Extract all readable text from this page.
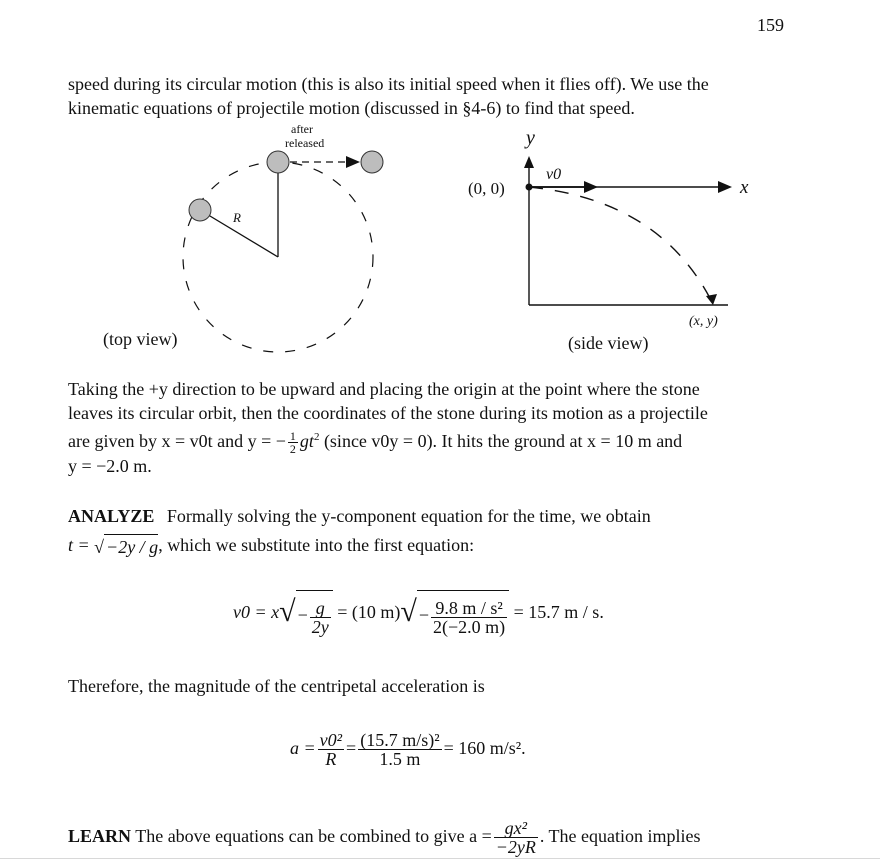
159
speed during its circular motion (this is also its initial speed when it flies off). We use the
kinematic equations of projectile motion (discussed in §4-6) to find that speed.
after
released
R
(top view)
y
x
v0
(0, 0)
(x, y)
(side view)
Taking the +y direction to be upward and placing the origin at the point where the stone
leaves its circular orbit, then the coordinates of the stone during its motion as a projectile
are given by x = v0t and y = − $\frac{1}{2} gt^2$ (since v0y = 0). It hits the ground at x = 10 m and
y = −2.0 m.
ANALYZE Formally solving the y-component equation for the time, we obtain
t = √ −2y / g, which we substitute into the first equation:
$v0 = x√ - \frac{g}{2y} = (10$ $m)√ - \frac{\text{9.8 m / s²}}{2(-2.0 m)} = 15.7$ m / s.
Therefore, the magnitude of the centripetal acceleration is
$a = \frac{\text{v0²}}{R} = \frac{\text{(15.7 m/s)²}}{1.5 m} = 160$ m/s².
LEARN The above equations can be combined to give $a = \frac{\text{gx²}}{-2yR}$ . The equation implies
